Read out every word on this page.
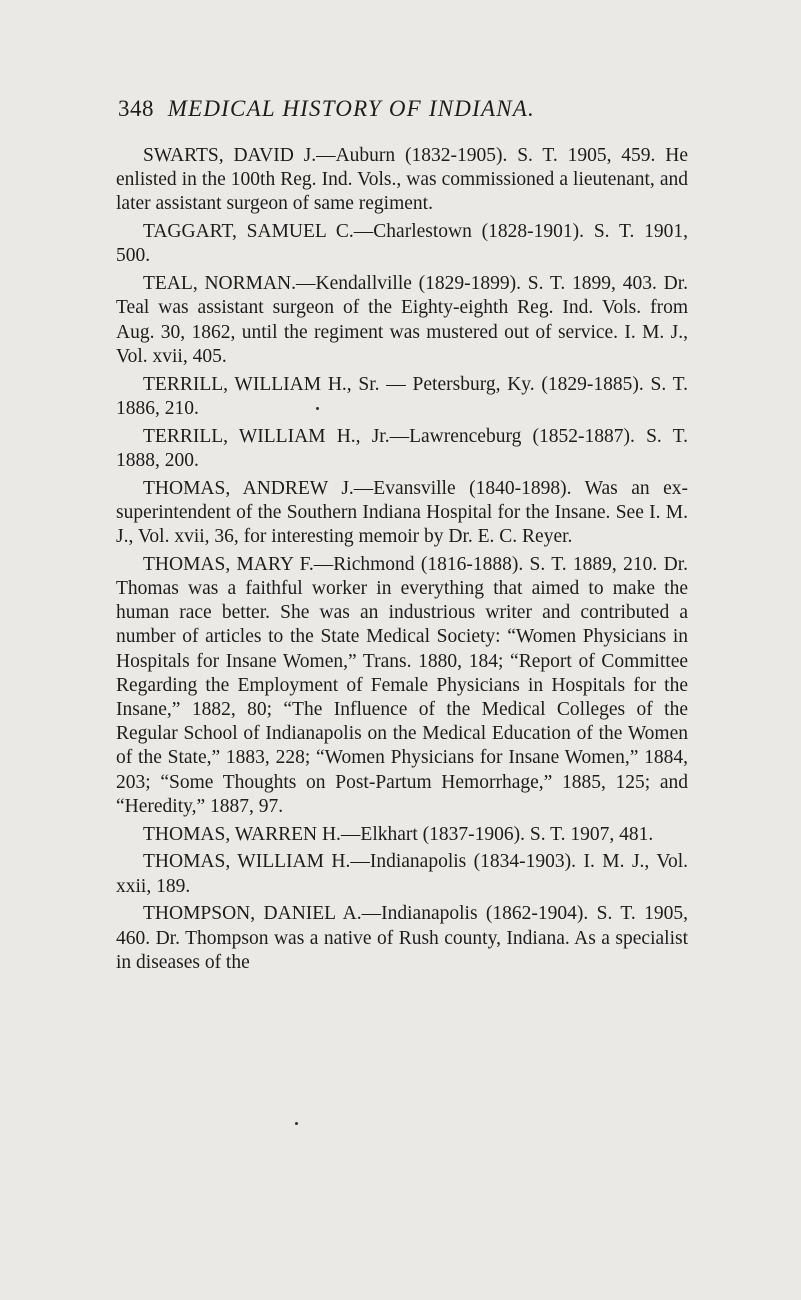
348 MEDICAL HISTORY OF INDIANA.

SWARTS, DAVID J.—Auburn (1832-1905). S. T. 1905, 459. He enlisted in the 100th Reg. Ind. Vols., was commissioned a lieutenant, and later assistant surgeon of same regiment.

TAGGART, SAMUEL C.—Charlestown (1828-1901). S. T. 1901, 500.

TEAL, NORMAN.—Kendallville (1829-1899). S. T. 1899, 403. Dr. Teal was assistant surgeon of the Eighty-eighth Reg. Ind. Vols. from Aug. 30, 1862, until the regiment was mustered out of service. I. M. J., Vol. xvii, 405.

TERRILL, WILLIAM H., Sr. — Petersburg, Ky. (1829-1885). S. T. 1886, 210.

TERRILL, WILLIAM H., Jr.—Lawrenceburg (1852-1887). S. T. 1888, 200.

THOMAS, ANDREW J.—Evansville (1840-1898). Was an ex-superintendent of the Southern Indiana Hospital for the Insane. See I. M. J., Vol. xvii, 36, for interesting memoir by Dr. E. C. Reyer.

THOMAS, MARY F.—Richmond (1816-1888). S. T. 1889, 210. Dr. Thomas was a faithful worker in everything that aimed to make the human race better. She was an industrious writer and contributed a number of articles to the State Medical Society: “Women Physicians in Hospitals for Insane Women,” Trans. 1880, 184; “Report of Committee Regarding the Employment of Female Physicians in Hospitals for the Insane,” 1882, 80; “The Influence of the Medical Colleges of the Regular School of Indianapolis on the Medical Education of the Women of the State,” 1883, 228; “Women Physicians for Insane Women,” 1884, 203; “Some Thoughts on Post-Partum Hemorrhage,” 1885, 125; and “Heredity,” 1887, 97.

THOMAS, WARREN H.—Elkhart (1837-1906). S. T. 1907, 481.

THOMAS, WILLIAM H.—Indianapolis (1834-1903). I. M. J., Vol. xxii, 189.

THOMPSON, DANIEL A.—Indianapolis (1862-1904). S. T. 1905, 460. Dr. Thompson was a native of Rush county, Indiana. As a specialist in diseases of the
